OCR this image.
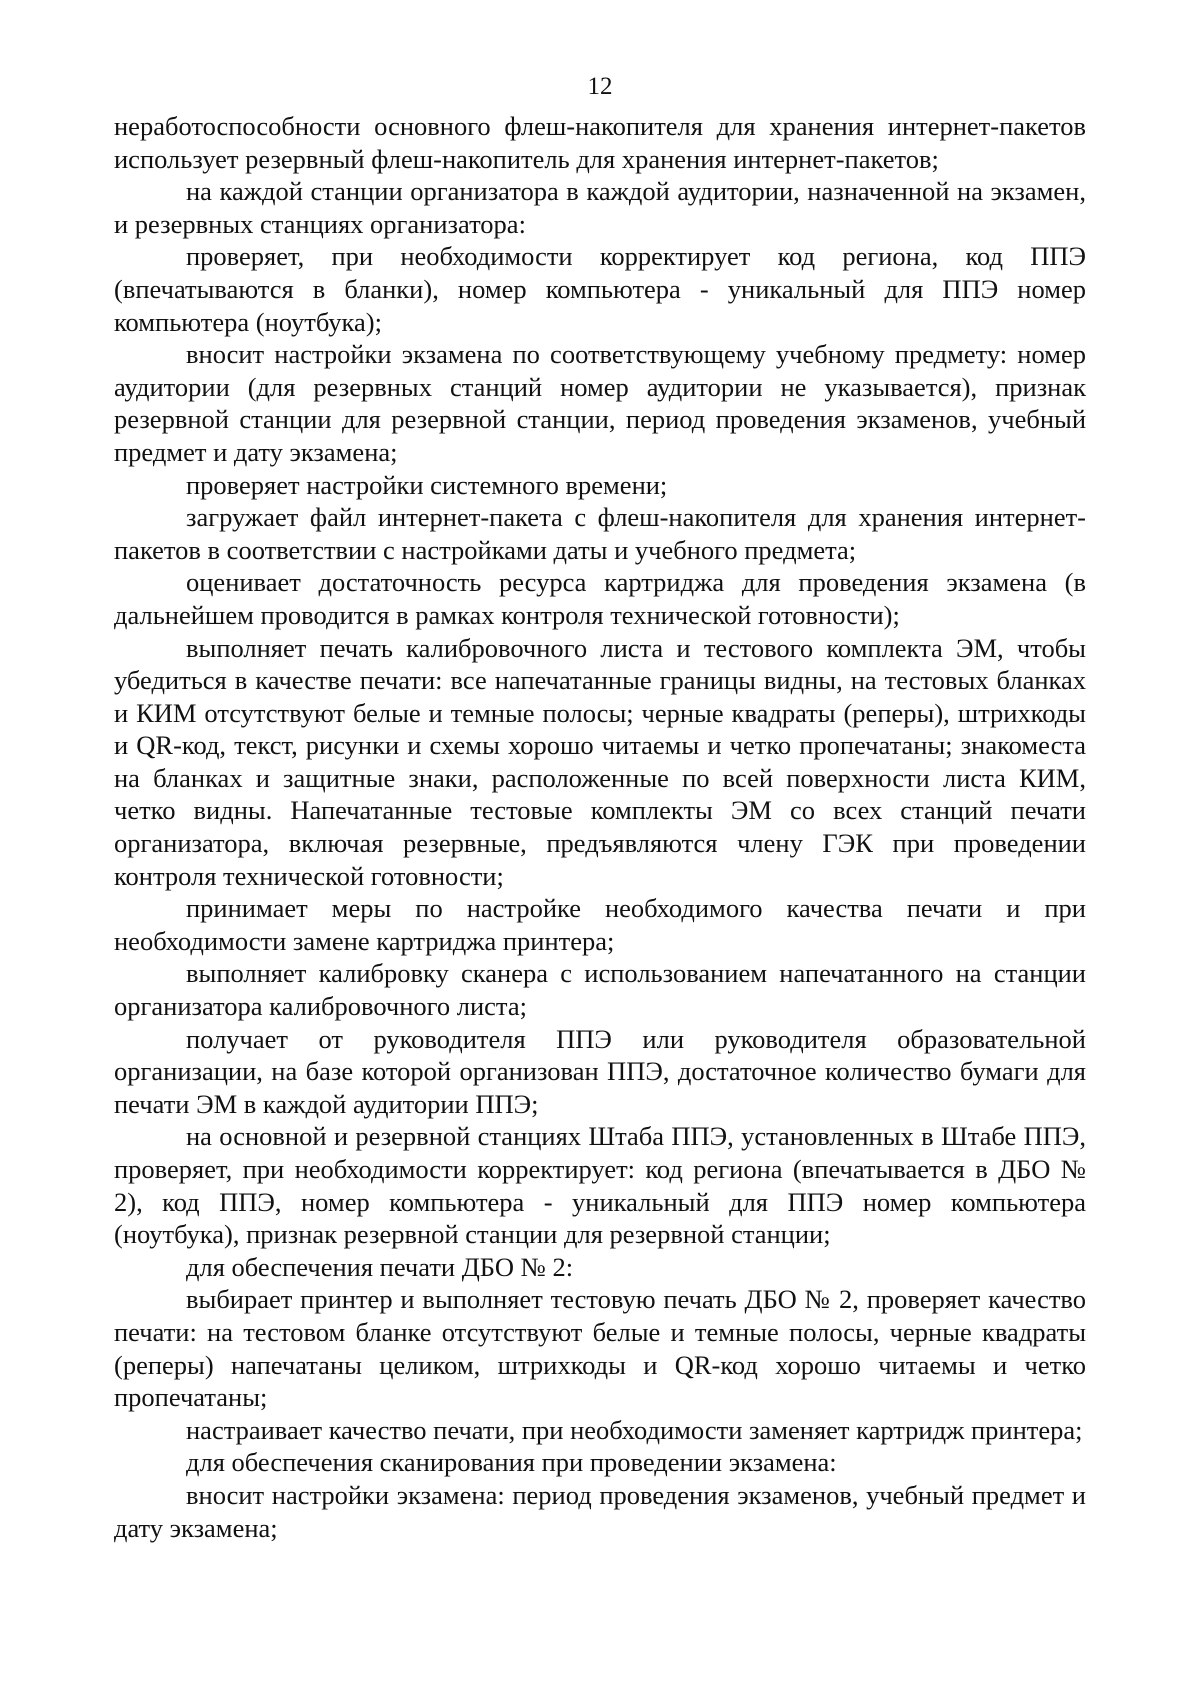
12

неработоспособности основного флеш-накопителя для хранения интернет-пакетов использует резервный флеш-накопитель для хранения интернет-пакетов;

на каждой станции организатора в каждой аудитории, назначенной на экзамен, и резервных станциях организатора:

проверяет, при необходимости корректирует код региона, код ППЭ (впечатываются в бланки), номер компьютера - уникальный для ППЭ номер компьютера (ноутбука);

вносит настройки экзамена по соответствующему учебному предмету: номер аудитории (для резервных станций номер аудитории не указывается), признак резервной станции для резервной станции, период проведения экзаменов, учебный предмет и дату экзамена;

проверяет настройки системного времени;

загружает файл интернет-пакета с флеш-накопителя для хранения интернет-пакетов в соответствии с настройками даты и учебного предмета;

оценивает достаточность ресурса картриджа для проведения экзамена (в дальнейшем проводится в рамках контроля технической готовности);

выполняет печать калибровочного листа и тестового комплекта ЭМ, чтобы убедиться в качестве печати: все напечатанные границы видны, на тестовых бланках и КИМ отсутствуют белые и темные полосы; черные квадраты (реперы), штрихкоды и QR-код, текст, рисунки и схемы хорошо читаемы и четко пропечатаны; знакоместа на бланках и защитные знаки, расположенные по всей поверхности листа КИМ, четко видны. Напечатанные тестовые комплекты ЭМ со всех станций печати организатора, включая резервные, предъявляются члену ГЭК при проведении контроля технической готовности;

принимает меры по настройке необходимого качества печати и при необходимости замене картриджа принтера;

выполняет калибровку сканера с использованием напечатанного на станции организатора калибровочного листа;

получает от руководителя ППЭ или руководителя образовательной организации, на базе которой организован ППЭ, достаточное количество бумаги для печати ЭМ в каждой аудитории ППЭ;

на основной и резервной станциях Штаба ППЭ, установленных в Штабе ППЭ, проверяет, при необходимости корректирует: код региона (впечатывается в ДБО № 2), код ППЭ, номер компьютера - уникальный для ППЭ номер компьютера (ноутбука), признак резервной станции для резервной станции;

для обеспечения печати ДБО № 2:

выбирает принтер и выполняет тестовую печать ДБО № 2, проверяет качество печати: на тестовом бланке отсутствуют белые и темные полосы, черные квадраты (реперы) напечатаны целиком, штрихкоды и QR-код хорошо читаемы и четко пропечатаны;

настраивает качество печати, при необходимости заменяет картридж принтера;

для обеспечения сканирования при проведении экзамена:

вносит настройки экзамена: период проведения экзаменов, учебный предмет и дату экзамена;
